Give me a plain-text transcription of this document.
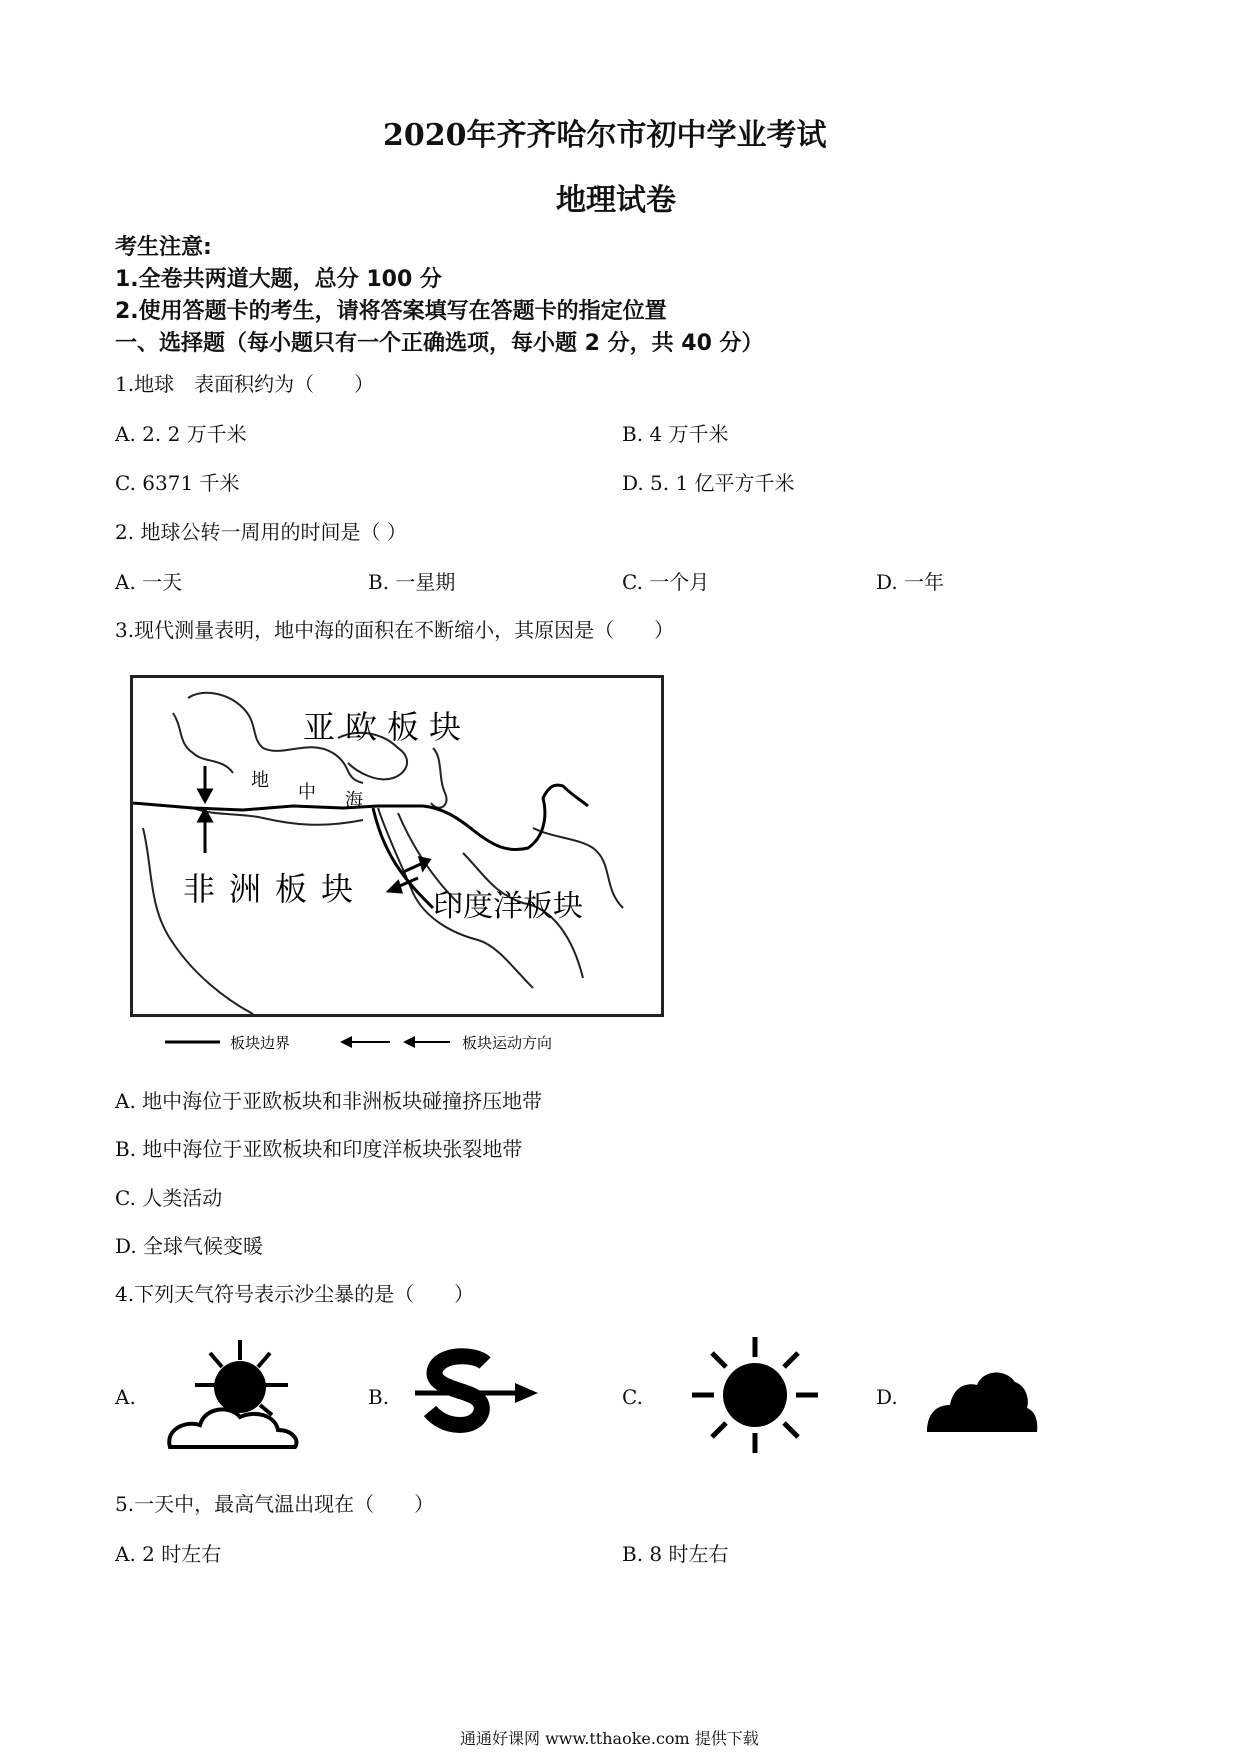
2020年齐齐哈尔市初中学业考试
地理试卷
考生注意:
1.全卷共两道大题，总分 100 分
2.使用答题卡的考生，请将答案填写在答题卡的指定位置
一、选择题（每小题只有一个正确选项，每小题 2 分，共 40 分）
1.地球　表面积约为（　　）
A. 2. 2 万千米	B. 4 万千米
C. 6371 千米	D. 5. 1 亿平方千米
2. 地球公转一周用的时间是（ ）
A. 一天	B. 一星期	C. 一个月	D. 一年
3.现代测量表明，地中海的面积在不断缩小，其原因是（　　）
亚欧板块
地
中 海
非洲板块 印度洋板块
板块边界	板块运动方向
A. 地中海位于亚欧板块和非洲板块碰撞挤压地带
B. 地中海位于亚欧板块和印度洋板块张裂地带
C. 人类活动
D. 全球气候变暖
4.下列天气符号表示沙尘暴的是（　　）
A.	B.	C.	D.
5.一天中，最高气温出现在（　　）
A. 2 时左右	B. 8 时左右
通通好课网 www.tthaoke.com 提供下载
